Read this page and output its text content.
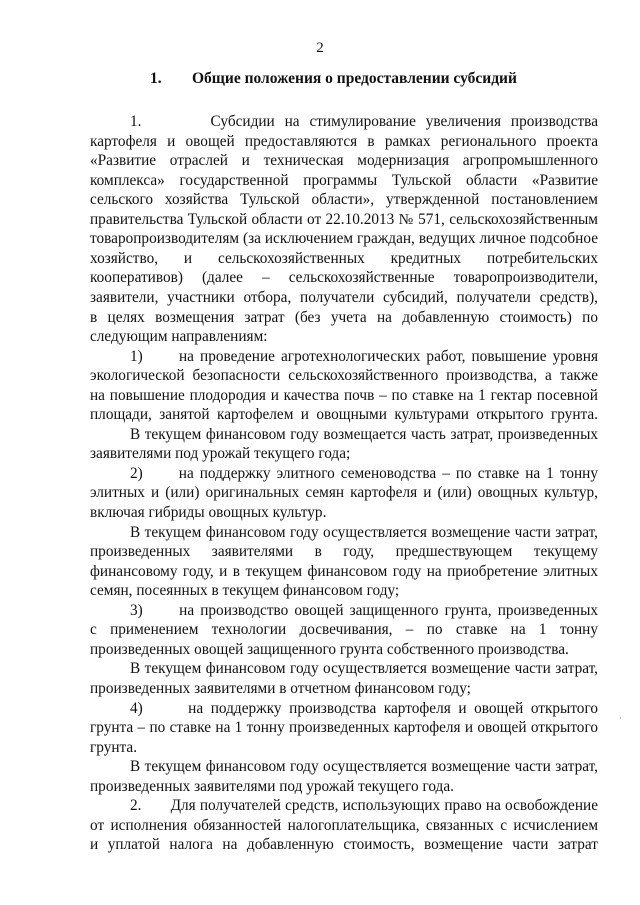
2
1. Общие положения о предоставлении субсидий
1.       Субсидии на стимулирование увеличения производства
картофеля и овощей предоставляются в рамках регионального проекта
«Развитие отраслей и техническая модернизация агропромышленного
комплекса» государственной программы Тульской области «Развитие
сельского хозяйства Тульской области», утвержденной постановлением
правительства Тульской области от 22.10.2013 № 571, сельскохозяйственным
товаропроизводителям (за исключением граждан, ведущих личное подсобное
хозяйство, и сельскохозяйственных кредитных потребительских
кооперативов) (далее – сельскохозяйственные товаропроизводители,
заявители, участники отбора, получатели субсидий, получатели средств),
в целях возмещения затрат (без учета на добавленную стоимость) по
следующим направлениям:
1)      на проведение агротехнологических работ, повышение уровня
экологической безопасности сельскохозяйственного производства, а также
на повышение плодородия и качества почв – по ставке на 1 гектар посевной
площади, занятой картофелем и овощными культурами открытого грунта.
В текущем финансовом году возмещается часть затрат, произведенных
заявителями под урожай текущего года;
2)      на поддержку элитного семеноводства – по ставке на 1 тонну
элитных и (или) оригинальных семян картофеля и (или) овощных культур,
включая гибриды овощных культур.
В текущем финансовом году осуществляется возмещение части затрат,
произведенных заявителями в году, предшествующем текущему
финансовому году, и в текущем финансовом году на приобретение элитных
семян, посеянных в текущем финансовом году;
3)      на производство овощей защищенного грунта, произведенных
с применением технологии досвечивания, – по ставке на 1 тонну
произведенных овощей защищенного грунта собственного производства.
В текущем финансовом году осуществляется возмещение части затрат,
произведенных заявителями в отчетном финансовом году;
4)      на поддержку производства картофеля и овощей открытого
грунта – по ставке на 1 тонну произведенных картофеля и овощей открытого
грунта.
В текущем финансовом году осуществляется возмещение части затрат,
произведенных заявителями под урожай текущего года.
2.       Для получателей средств, использующих право на освобождение
от исполнения обязанностей налогоплательщика, связанных с исчислением
и уплатой налога на добавленную стоимость, возмещение части затрат
·
